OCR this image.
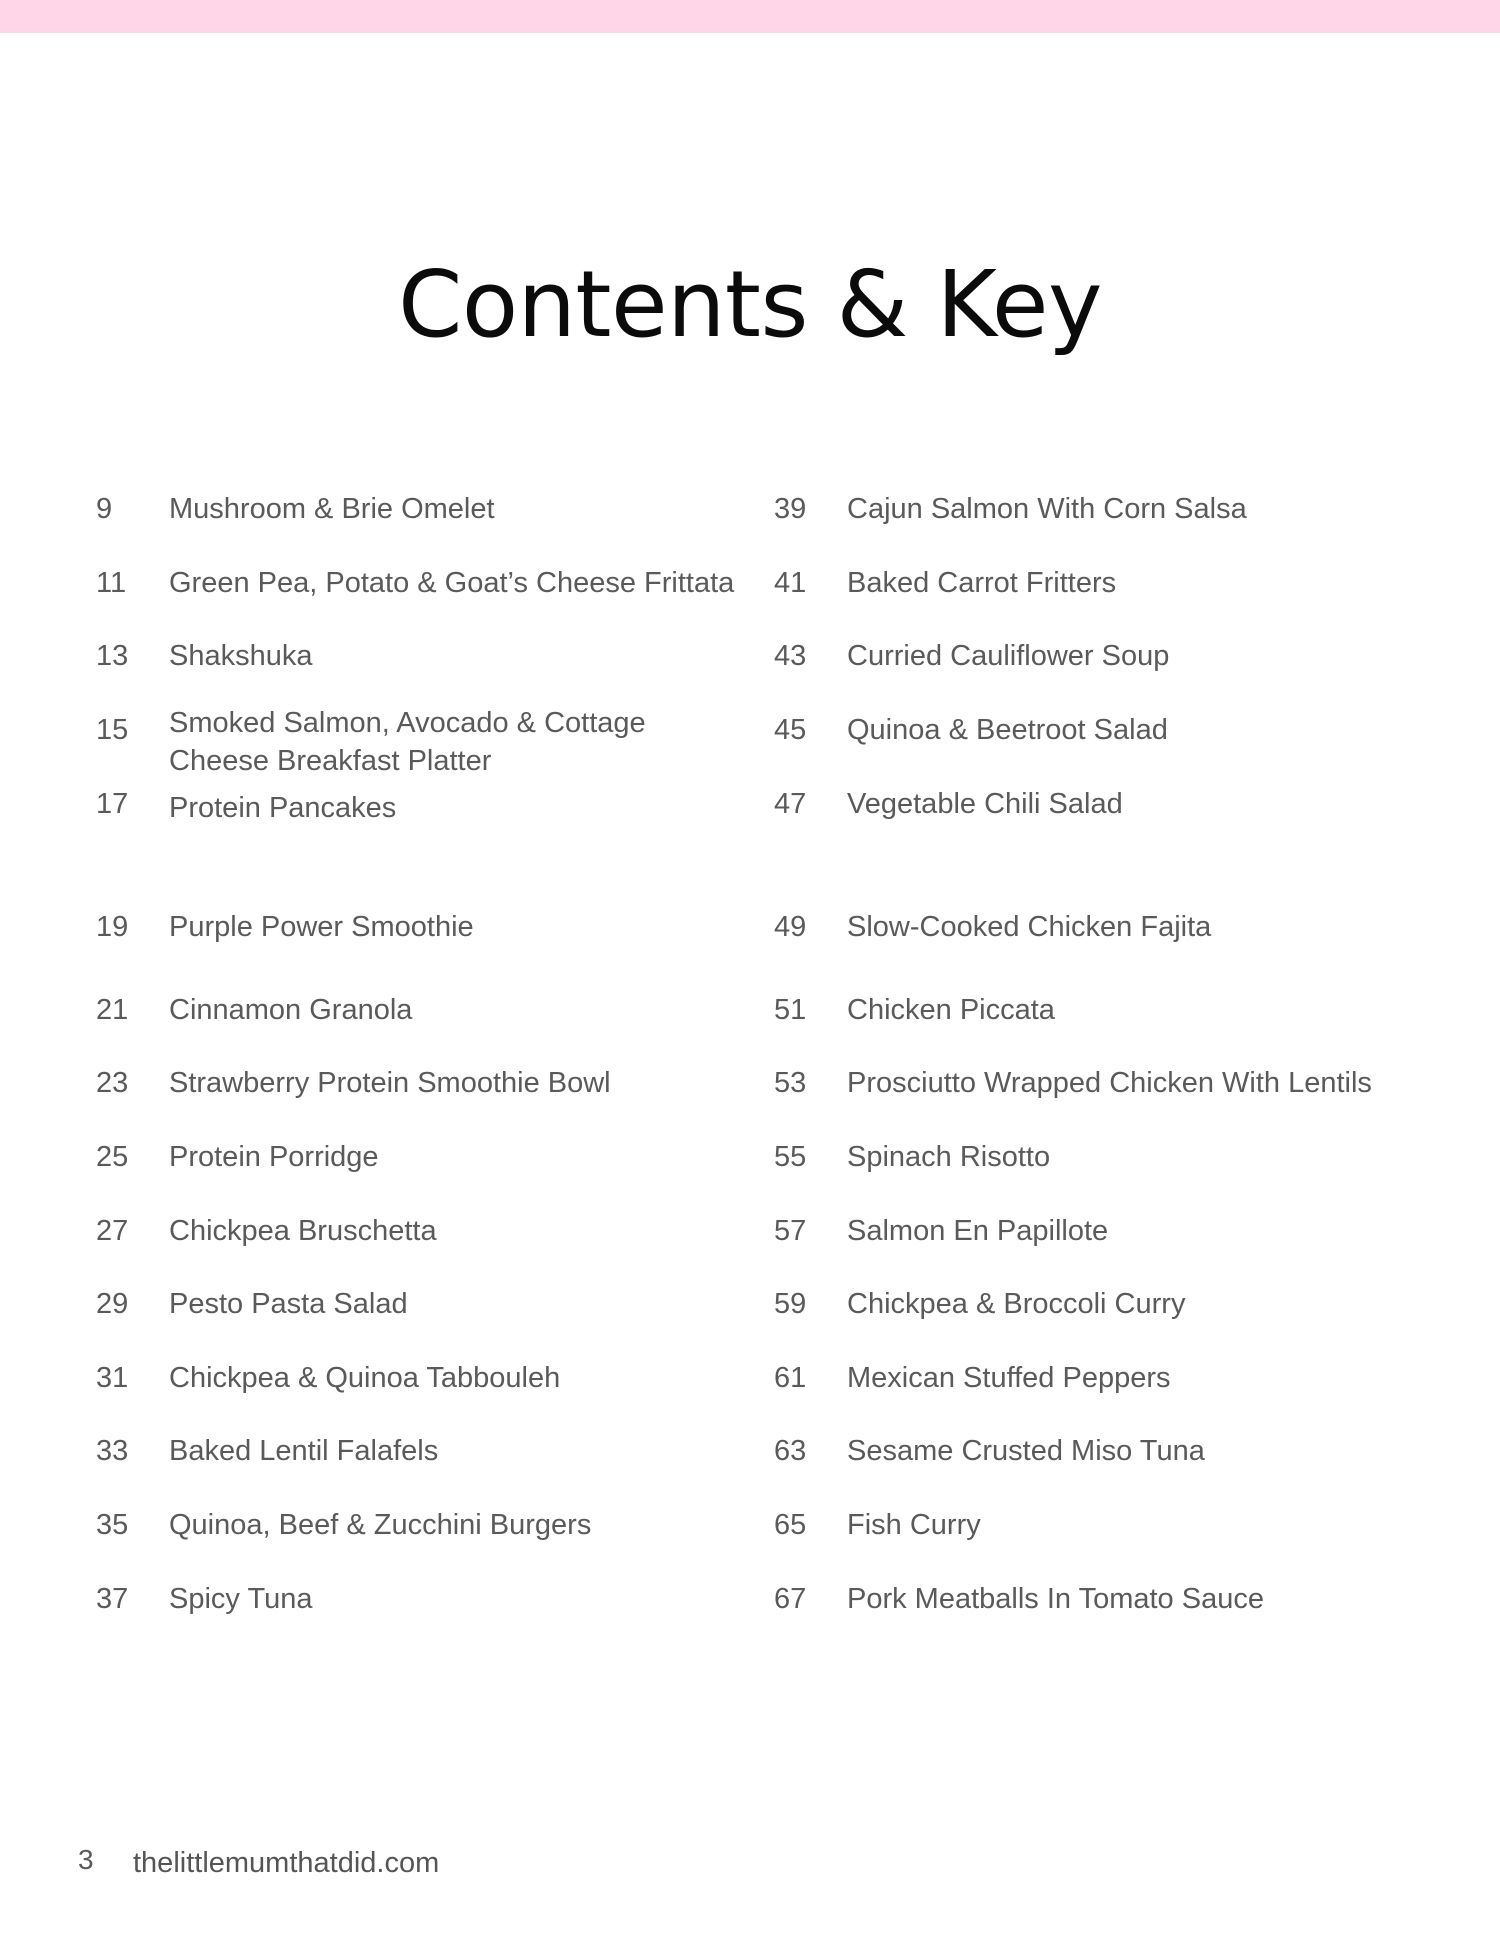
Contents & Key
9 Mushroom & Brie Omelet
11 Green Pea, Potato & Goat’s Cheese Frittata
13 Shakshuka
15 Smoked Salmon, Avocado & Cottage
Cheese Breakfast Platter
17 Protein Pancakes
19 Purple Power Smoothie
21 Cinnamon Granola
23 Strawberry Protein Smoothie Bowl
25 Protein Porridge
27 Chickpea Bruschetta
29 Pesto Pasta Salad
31 Chickpea & Quinoa Tabbouleh
33 Baked Lentil Falafels
35 Quinoa, Beef & Zucchini Burgers
37 Spicy Tuna
39 Cajun Salmon With Corn Salsa
41 Baked Carrot Fritters
43 Curried Cauliflower Soup
45 Quinoa & Beetroot Salad
47 Vegetable Chili Salad
49 Slow-Cooked Chicken Fajita
51 Chicken Piccata
53 Prosciutto Wrapped Chicken With Lentils
55 Spinach Risotto
57 Salmon En Papillote
59 Chickpea & Broccoli Curry
61 Mexican Stuffed Peppers
63 Sesame Crusted Miso Tuna
65 Fish Curry
67 Pork Meatballs In Tomato Sauce
3 thelittlemumthatdid.com
